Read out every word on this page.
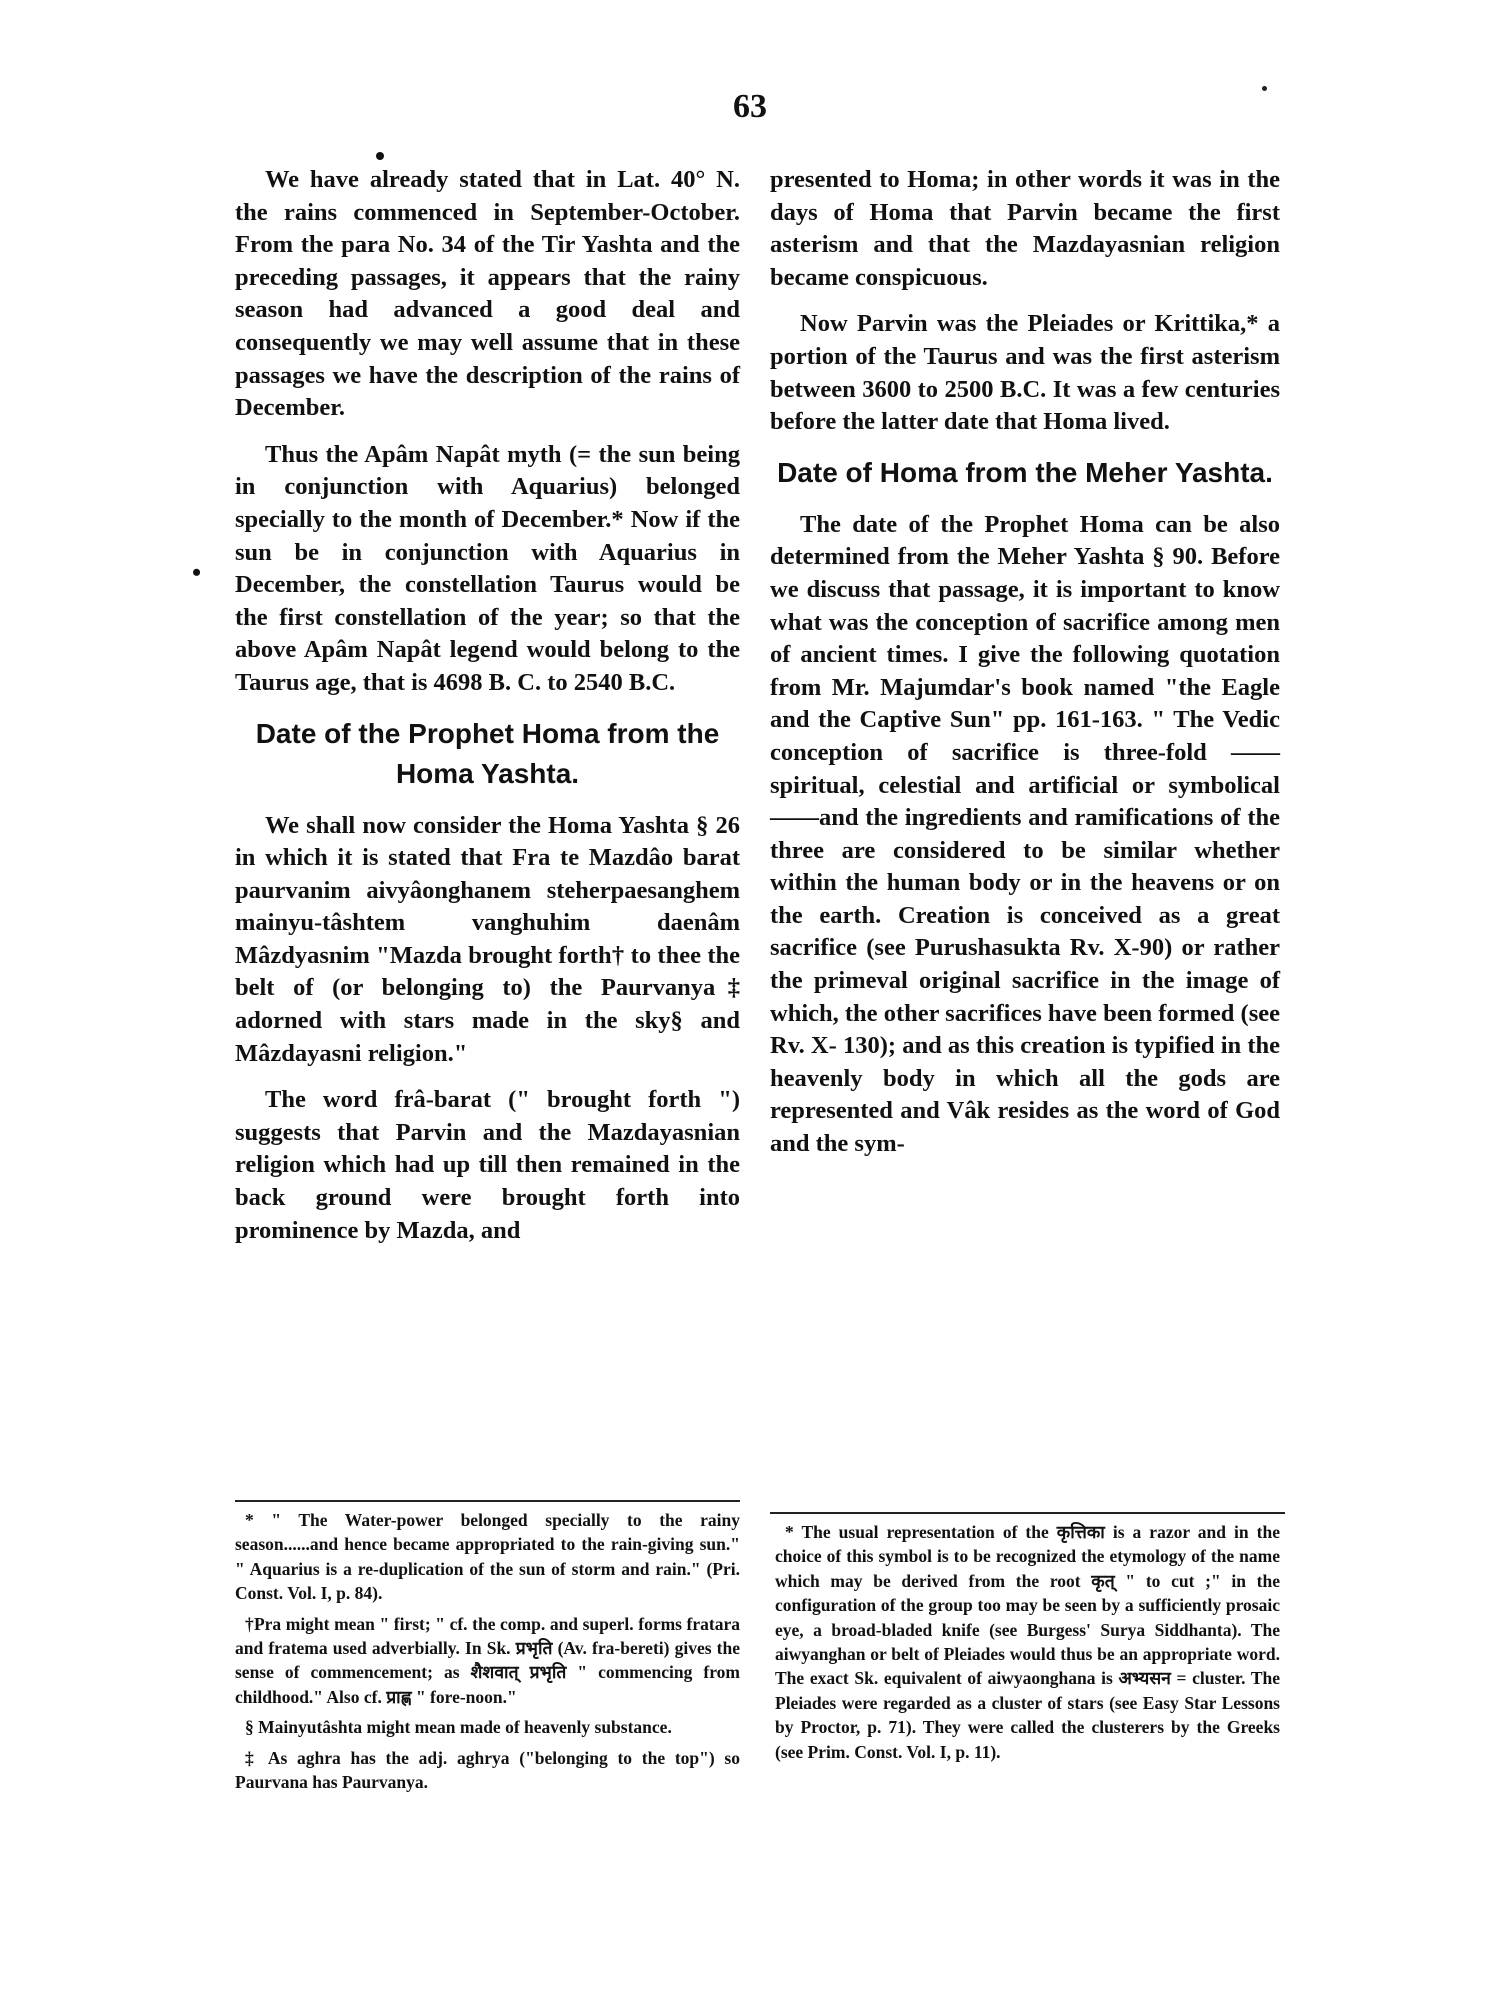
63
•

We have already stated that in Lat. 40° N. the rains commenced in September-October. From the para No. 34 of the Tir Yashta and the preceding passages, it appears that the rainy season had advanced a good deal and consequently we may well assume that in these passages we have the description of the rains of December.

Thus the Apâm Napât myth (= the sun being in conjunction with Aquarius) belonged specially to the month of December.* Now if the sun be in conjunction with Aquarius in December, the constellation Taurus would be the first constellation of the year; so that the above Apâm Napât legend would belong to the Taurus age, that is 4698 B. C. to 2540 B.C.

Date of the Prophet Homa from the Homa Yashta.

We shall now consider the Homa Yashta § 26 in which it is stated that Fra te Mazdâo barat paurvanim aivyâonghanem steherpaesanghem mainyu-tâshtem vanghuhim daenâm Mâzdyasnim "Mazda brought forth† to thee the belt of (or belonging to) the Paurvanya‡ adorned with stars made in the sky§ and Mâzdayasni religion."

The word frâ-barat (" brought forth ") suggests that Parvin and the Mazdayasnian religion which had up till then remained in the back ground were brought forth into prominence by Mazda, and

presented to Homa; in other words it was in the days of Homa that Parvin became the first asterism and that the Mazdayasnian religion became conspicuous.

Now Parvin was the Pleiades or Krittika,* a portion of the Taurus and was the first asterism between 3600 to 2500 B.C. It was a few centuries before the latter date that Homa lived.

Date of Homa from the Meher Yashta.

The date of the Prophet Homa can be also determined from the Meher Yashta § 90. Before we discuss that passage, it is important to know what was the conception of sacrifice among men of ancient times. I give the following quotation from Mr. Majumdar's book named "the Eagle and the Captive Sun" pp. 161-163. " The Vedic conception of sacrifice is three-fold ——spiritual, celestial and artificial or symbolical——and the ingredients and ramifications of the three are considered to be similar whether within the human body or in the heavens or on the earth. Creation is conceived as a great sacrifice (see Purushasukta Rv. X-90) or rather the primeval original sacrifice in the image of which, the other sacrifices have been formed (see Rv. X- 130); and as this creation is typified in the heavenly body in which all the gods are represented and Vâk resides as the word of God and the sym-

* " The Water-power belonged specially to the rainy season......and hence became appropriated to the rain-giving sun." " Aquarius is a re-duplication of the sun of storm and rain." (Pri. Const. Vol. I, p. 84).

†Pra might mean " first; " cf. the comp. and superl. forms fratara and fratema used adverbially. In Sk. प्रभृति (Av. fra-bereti) gives the sense of commencement; as शैशवात् प्रभृति " commencing from childhood." Also cf. प्राह्ण " fore-noon."

§ Mainyutâshta might mean made of heavenly substance.

‡ As aghra has the adj. aghrya ("belonging to the top") so Paurvana has Paurvanya.

* The usual representation of the कृत्तिका is a razor and in the choice of this symbol is to be recognized the etymology of the name which may be derived from the root कृत् " to cut ;" in the configuration of the group too may be seen by a sufficiently prosaic eye, a broad-bladed knife (see Burgess' Surya Siddhanta). The aiwyanghan or belt of Pleiades would thus be an appropriate word. The exact Sk. equivalent of aiwyaonghana is अभ्यसन = cluster. The Pleiades were regarded as a cluster of stars (see Easy Star Lessons by Proctor, p. 71). They were called the clusterers by the Greeks (see Prim. Const. Vol. I, p. 11).
